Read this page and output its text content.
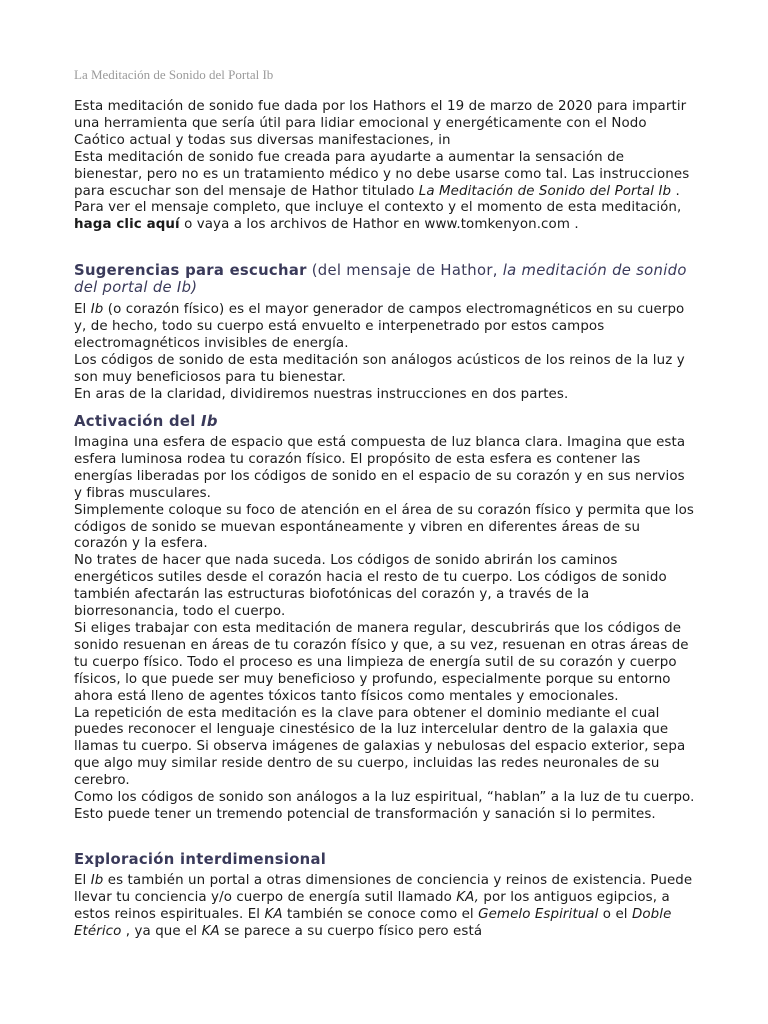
La Meditación de Sonido del Portal Ib

Esta meditación de sonido fue dada por los Hathors el 19 de marzo de 2020 para impartir una herramienta que sería útil para lidiar emocional y energéticamente con el Nodo Caótico actual y todas sus diversas manifestaciones, in

Esta meditación de sonido fue creada para ayudarte a aumentar la sensación de bienestar, pero no es un tratamiento médico y no debe usarse como tal. Las instrucciones para escuchar son del mensaje de Hathor titulado La Meditación de Sonido del Portal Ib . Para ver el mensaje completo, que incluye el contexto y el momento de esta meditación, haga clic aquí o vaya a los archivos de Hathor en www.tomkenyon.com .

Sugerencias para escuchar (del mensaje de Hathor, la meditación de sonido del portal de Ib)

El Ib (o corazón físico) es el mayor generador de campos electromagnéticos en su cuerpo y, de hecho, todo su cuerpo está envuelto e interpenetrado por estos campos electromagnéticos invisibles de energía.

Los códigos de sonido de esta meditación son análogos acústicos de los reinos de la luz y son muy beneficiosos para tu bienestar.

En aras de la claridad, dividiremos nuestras instrucciones en dos partes.

Activación del Ib

Imagina una esfera de espacio que está compuesta de luz blanca clara. Imagina que esta esfera luminosa rodea tu corazón físico. El propósito de esta esfera es contener las energías liberadas por los códigos de sonido en el espacio de su corazón y en sus nervios y fibras musculares.

Simplemente coloque su foco de atención en el área de su corazón físico y permita que los códigos de sonido se muevan espontáneamente y vibren en diferentes áreas de su corazón y la esfera.

No trates de hacer que nada suceda. Los códigos de sonido abrirán los caminos energéticos sutiles desde el corazón hacia el resto de tu cuerpo. Los códigos de sonido también afectarán las estructuras biofotónicas del corazón y, a través de la biorresonancia, todo el cuerpo.

Si eliges trabajar con esta meditación de manera regular, descubrirás que los códigos de sonido resuenan en áreas de tu corazón físico y que, a su vez, resuenan en otras áreas de tu cuerpo físico. Todo el proceso es una limpieza de energía sutil de su corazón y cuerpo físicos, lo que puede ser muy beneficioso y profundo, especialmente porque su entorno ahora está lleno de agentes tóxicos tanto físicos como mentales y emocionales.

La repetición de esta meditación es la clave para obtener el dominio mediante el cual puedes reconocer el lenguaje cinestésico de la luz intercelular dentro de la galaxia que llamas tu cuerpo. Si observa imágenes de galaxias y nebulosas del espacio exterior, sepa que algo muy similar reside dentro de su cuerpo, incluidas las redes neuronales de su cerebro.

Como los códigos de sonido son análogos a la luz espiritual, “hablan” a la luz de tu cuerpo. Esto puede tener un tremendo potencial de transformación y sanación si lo permites.

Exploración interdimensional

El Ib es también un portal a otras dimensiones de conciencia y reinos de existencia. Puede llevar tu conciencia y/o cuerpo de energía sutil llamado KA, por los antiguos egipcios, a estos reinos espirituales. El KA también se conoce como el Gemelo Espiritual o el Doble Etérico , ya que el KA se parece a su cuerpo físico pero está
